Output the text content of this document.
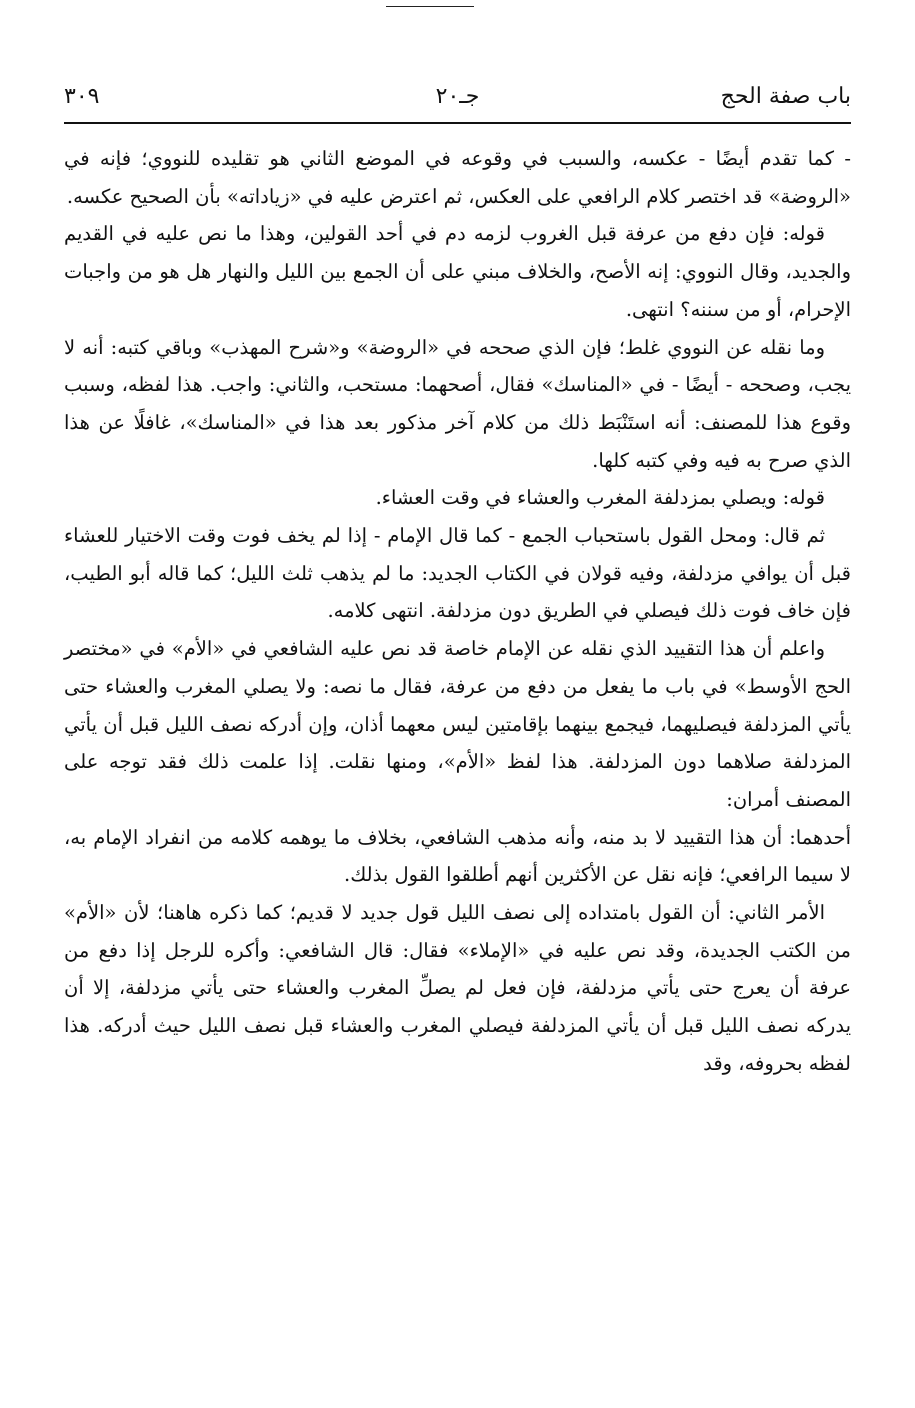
باب صفة الحج
جـ٢٠
٣٠٩

- كما تقدم أيضًا - عكسه، والسبب في وقوعه في الموضع الثاني هو تقليده للنووي؛ فإنه في «الروضة» قد اختصر كلام الرافعي على العكس، ثم اعترض عليه في «زياداته» بأن الصحيح عكسه.

قوله: فإن دفع من عرفة قبل الغروب لزمه دم في أحد القولين، وهذا ما نص عليه في القديم والجديد، وقال النووي: إنه الأصح، والخلاف مبني على أن الجمع بين الليل والنهار هل هو من واجبات الإحرام، أو من سننه؟ انتهى.

وما نقله عن النووي غلط؛ فإن الذي صححه في «الروضة» و«شرح المهذب» وباقي كتبه: أنه لا يجب، وصححه - أيضًا - في «المناسك» فقال، أصحهما: مستحب، والثاني: واجب. هذا لفظه، وسبب وقوع هذا للمصنف: أنه استَنْبَط ذلك من كلام آخر مذكور بعد هذا في «المناسك»، غافلًا عن هذا الذي صرح به فيه وفي كتبه كلها.

قوله: ويصلي بمزدلفة المغرب والعشاء في وقت العشاء.

ثم قال: ومحل القول باستحباب الجمع - كما قال الإمام - إذا لم يخف فوت وقت الاختيار للعشاء قبل أن يوافي مزدلفة، وفيه قولان في الكتاب الجديد: ما لم يذهب ثلث الليل؛ كما قاله أبو الطيب، فإن خاف فوت ذلك فيصلي في الطريق دون مزدلفة. انتهى كلامه.

واعلم أن هذا التقييد الذي نقله عن الإمام خاصة قد نص عليه الشافعي في «الأم» في «مختصر الحج الأوسط» في باب ما يفعل من دفع من عرفة، فقال ما نصه: ولا يصلي المغرب والعشاء حتى يأتي المزدلفة فيصليهما، فيجمع بينهما بإقامتين ليس معهما أذان، وإن أدركه نصف الليل قبل أن يأتي المزدلفة صلاهما دون المزدلفة. هذا لفظ «الأم»، ومنها نقلت. إذا علمت ذلك فقد توجه على المصنف أمران:

أحدهما: أن هذا التقييد لا بد منه، وأنه مذهب الشافعي، بخلاف ما يوهمه كلامه من انفراد الإمام به، لا سيما الرافعي؛ فإنه نقل عن الأكثرين أنهم أطلقوا القول بذلك.

الأمر الثاني: أن القول بامتداده إلى نصف الليل قول جديد لا قديم؛ كما ذكره هاهنا؛ لأن «الأم» من الكتب الجديدة، وقد نص عليه في «الإملاء» فقال: قال الشافعي: وأكره للرجل إذا دفع من عرفة أن يعرج حتى يأتي مزدلفة، فإن فعل لم يصلِّ المغرب والعشاء حتى يأتي مزدلفة، إلا أن يدركه نصف الليل قبل أن يأتي المزدلفة فيصلي المغرب والعشاء قبل نصف الليل حيث أدركه. هذا لفظه بحروفه، وقد
